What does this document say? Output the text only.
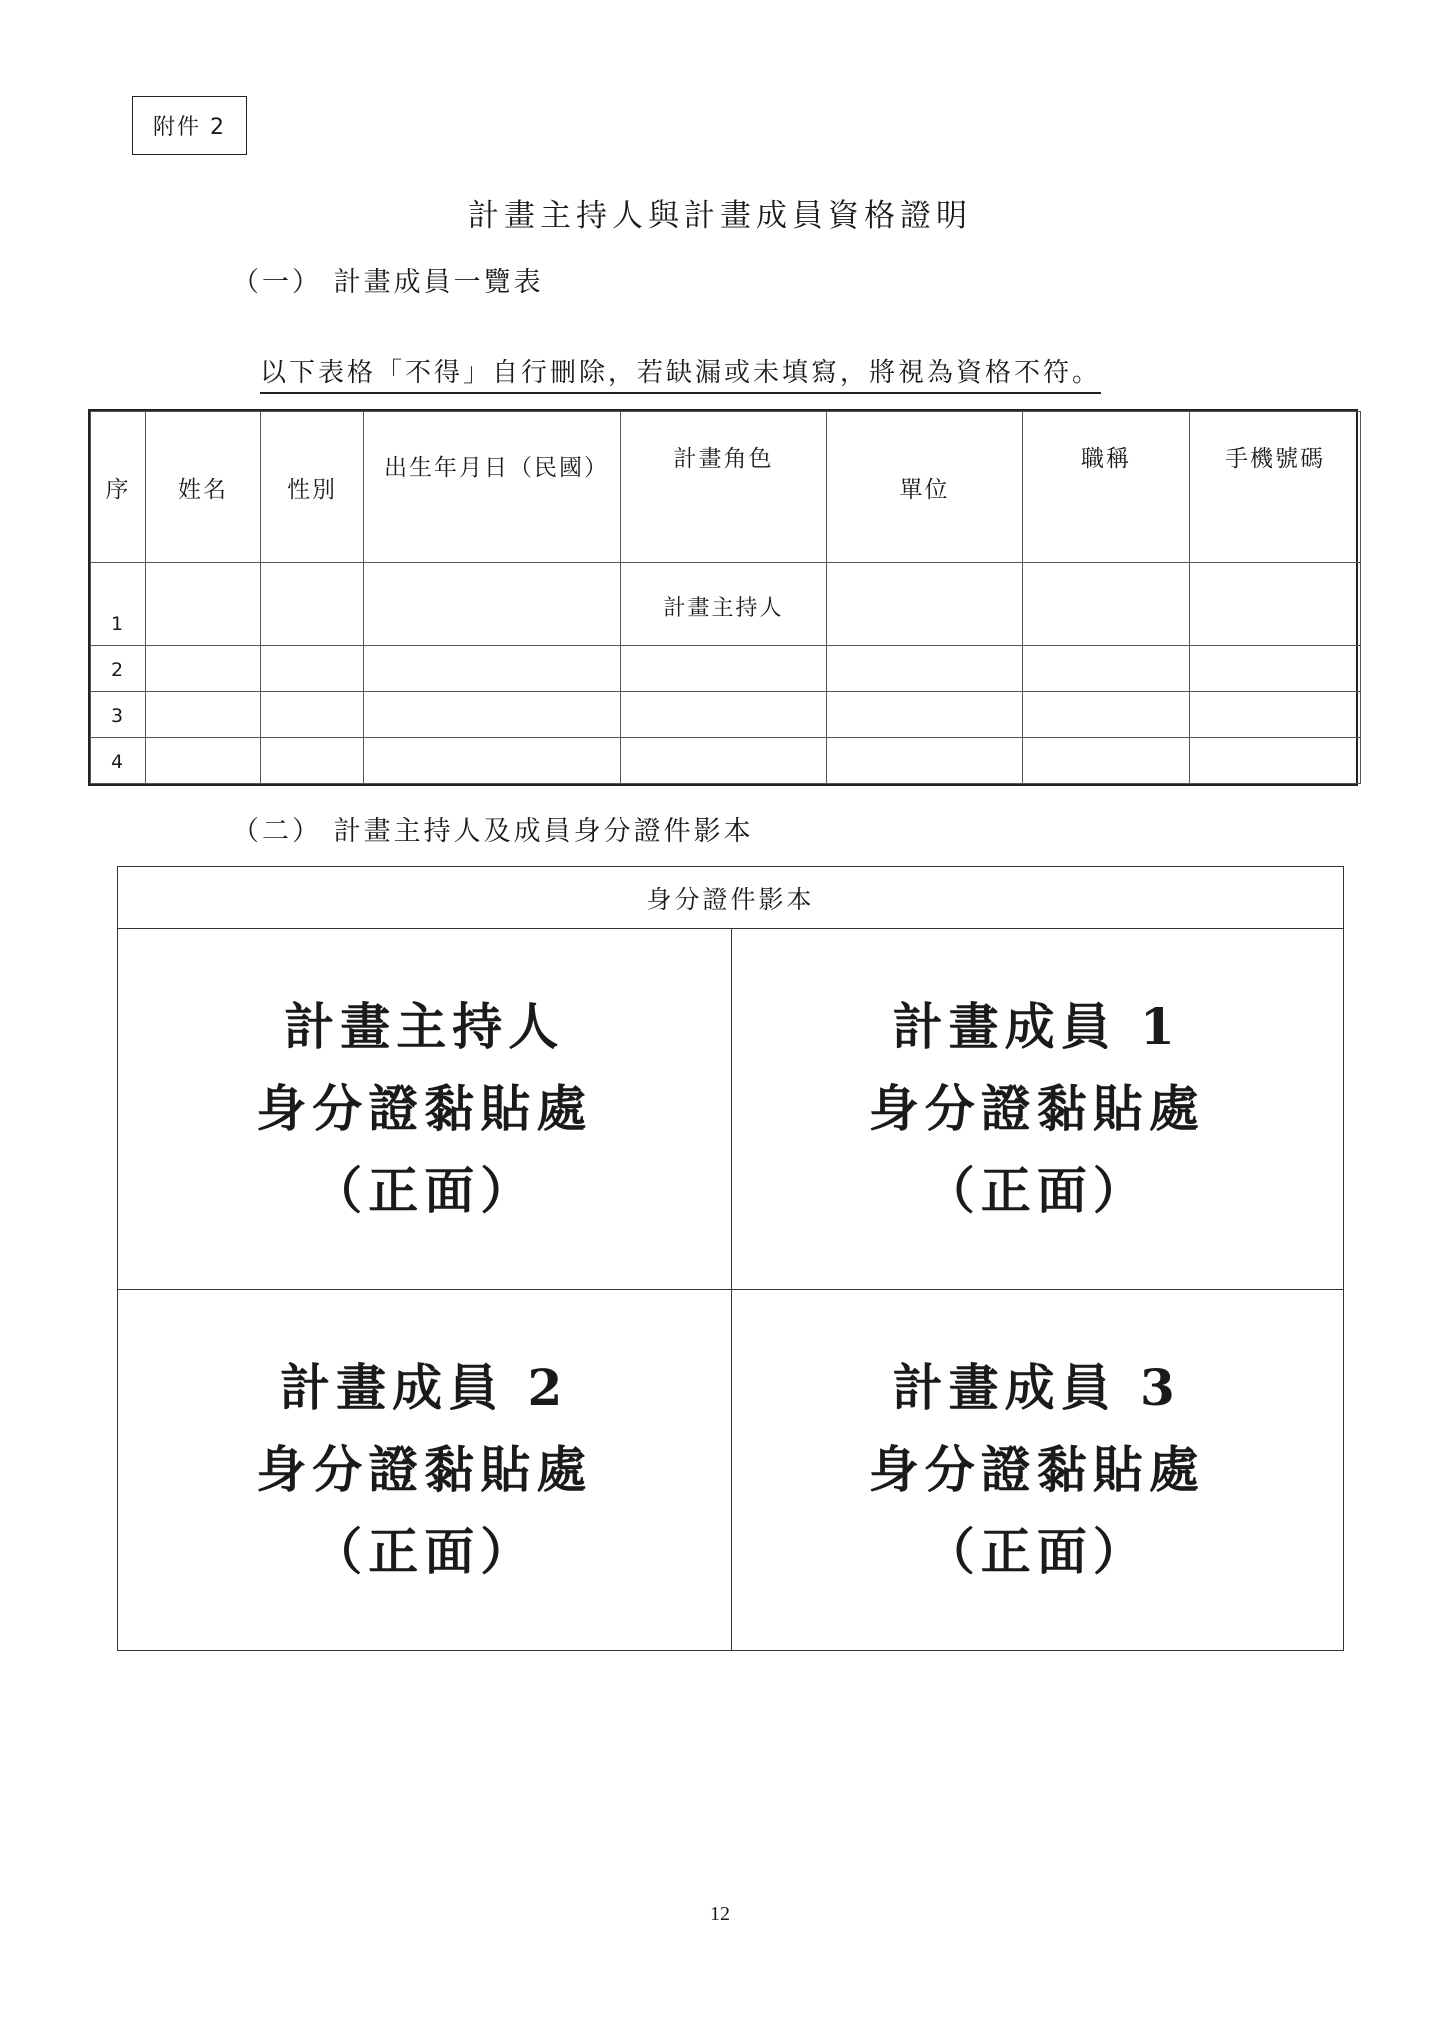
附件 2
計畫主持人與計畫成員資格證明
（一） 計畫成員一覽表
以下表格「不得」自行刪除，若缺漏或未填寫，將視為資格不符。
序	姓名	性別	出生年月日（民國）	計畫角色	單位	職稱	手機號碼
1				計畫主持人			
2							
3							
4							
（二） 計畫主持人及成員身分證件影本
身分證件影本
計畫主持人
身分證黏貼處
（正面）
計畫成員 1
身分證黏貼處
（正面）
計畫成員 2
身分證黏貼處
（正面）
計畫成員 3
身分證黏貼處
（正面）
12
